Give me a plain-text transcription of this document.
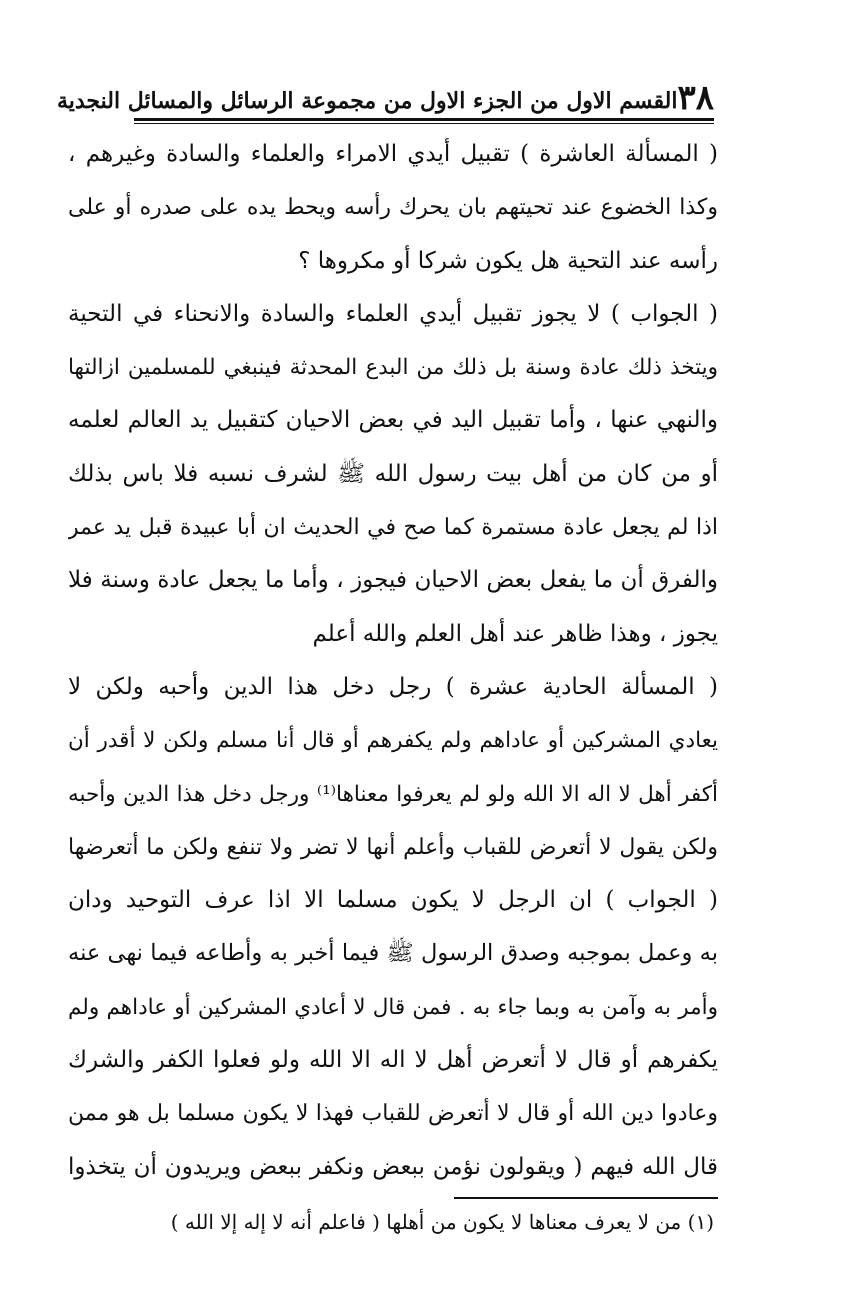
٣٨
القسم الاول من الجزء الاول من مجموعة الرسائل والمسائل النجدية
( المسألة العاشرة ) تقبيل أيدي الامراء والعلماء والسادة وغيرهم ،
وكذا الخضوع عند تحيتهم بان يحرك رأسه ويحط يده على صدره أو على
رأسه عند التحية هل يكون شركا أو مكروها ؟
( الجواب ) لا يجوز تقبيل أيدي العلماء والسادة والانحناء في التحية
ويتخذ ذلك عادة وسنة بل ذلك من البدع المحدثة فينبغي للمسلمين ازالتها
والنهي عنها ، وأما تقبيل اليد في بعض الاحيان كتقبيل يد العالم لعلمه
أو من كان من أهل بيت رسول الله ﷺ لشرف نسبه فلا باس بذلك
اذا لم يجعل عادة مستمرة كما صح في الحديث ان أبا عبيدة قبل يد عمر
والفرق أن ما يفعل بعض الاحيان فيجوز ، وأما ما يجعل عادة وسنة فلا
يجوز ، وهذا ظاهر عند أهل العلم والله أعلم
( المسألة الحادية عشرة ) رجل دخل هذا الدين وأحبه ولكن لا
يعادي المشركين أو عاداهم ولم يكفرهم أو قال أنا مسلم ولكن لا أقدر أن
أكفر أهل لا اله الا الله ولو لم يعرفوا معناها⁽¹⁾ ورجل دخل هذا الدين وأحبه
ولكن يقول لا أتعرض للقباب وأعلم أنها لا تضر ولا تنفع ولكن ما أتعرضها
( الجواب ) ان الرجل لا يكون مسلما الا اذا عرف التوحيد ودان
به وعمل بموجبه وصدق الرسول ﷺ فيما أخبر به وأطاعه فيما نهى عنه
وأمر به وآمن به وبما جاء به . فمن قال لا أعادي المشركين أو عاداهم ولم
يكفرهم أو قال لا أتعرض أهل لا اله الا الله ولو فعلوا الكفر والشرك
وعادوا دين الله أو قال لا أتعرض للقباب فهذا لا يكون مسلما بل هو ممن
قال الله فيهم ( ويقولون نؤمن ببعض ونكفر ببعض ويريدون أن يتخذوا
(١) من لا يعرف معناها لا يكون من أهلها ( فاعلم أنه لا إله إلا الله )
